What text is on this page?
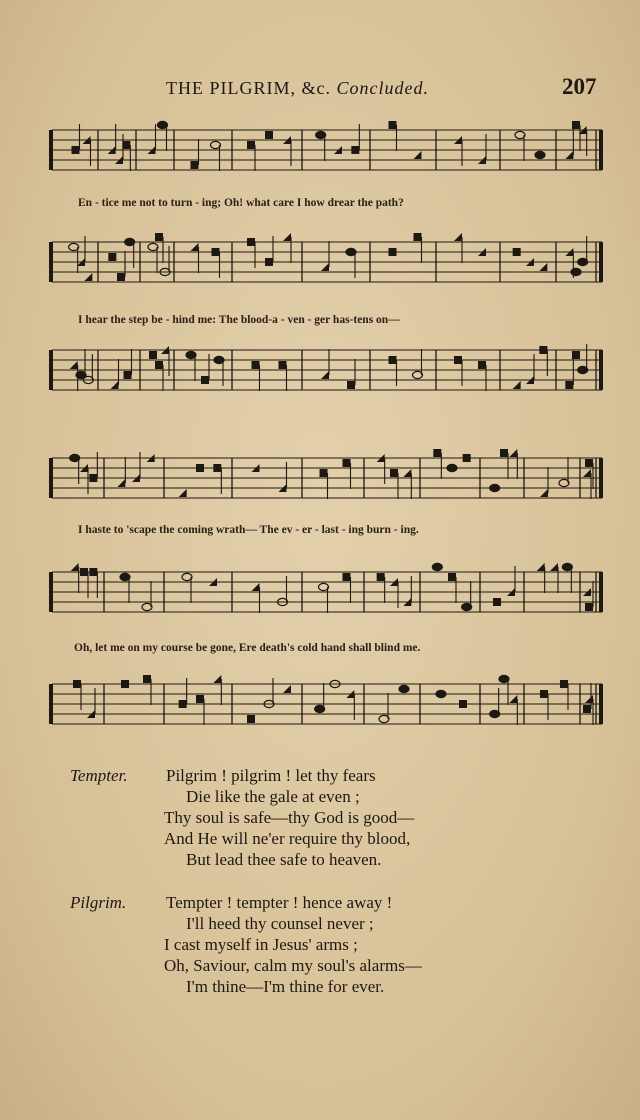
THE PILGRIM, &c. Concluded.	207
En - tice me not to turn - ing; Oh! what care I how drear the path?
I hear the step be - hind me: The blood-a - ven - ger has-tens on—
I haste to 'scape the coming wrath— The ev - er - last - ing burn - ing.
Oh, let me on my course be gone, Ere death's cold hand shall blind me.
Tempter. Pilgrim ! pilgrim ! let thy fears
Die like the gale at even ;
Thy soul is safe—thy God is good—
And He will ne'er require thy blood,
But lead thee safe to heaven.
Pilgrim. Tempter ! tempter ! hence away !
I'll heed thy counsel never ;
I cast myself in Jesus' arms ;
Oh, Saviour, calm my soul's alarms—
I'm thine—I'm thine for ever.
